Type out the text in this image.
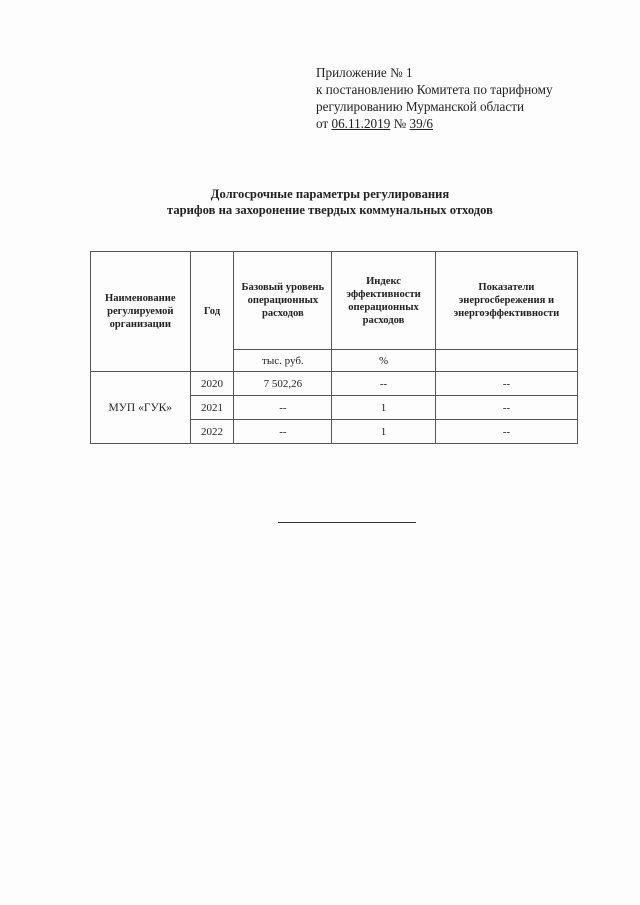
Приложение № 1
к постановлению Комитета по тарифному
регулированию Мурманской области
от 06.11.2019 № 39/6
Долгосрочные параметры регулирования
тарифов на захоронение твердых коммунальных отходов
Наименование регулируемой организации	Год	Базовый уровень операционных расходов	Индекс эффективности операционных расходов	Показатели энергосбережения и энергоэффективности
		тыс. руб.	%	
МУП «ГУК»	2020	7 502,26	--	--
	2021	--	1	--
	2022	--	1	--
